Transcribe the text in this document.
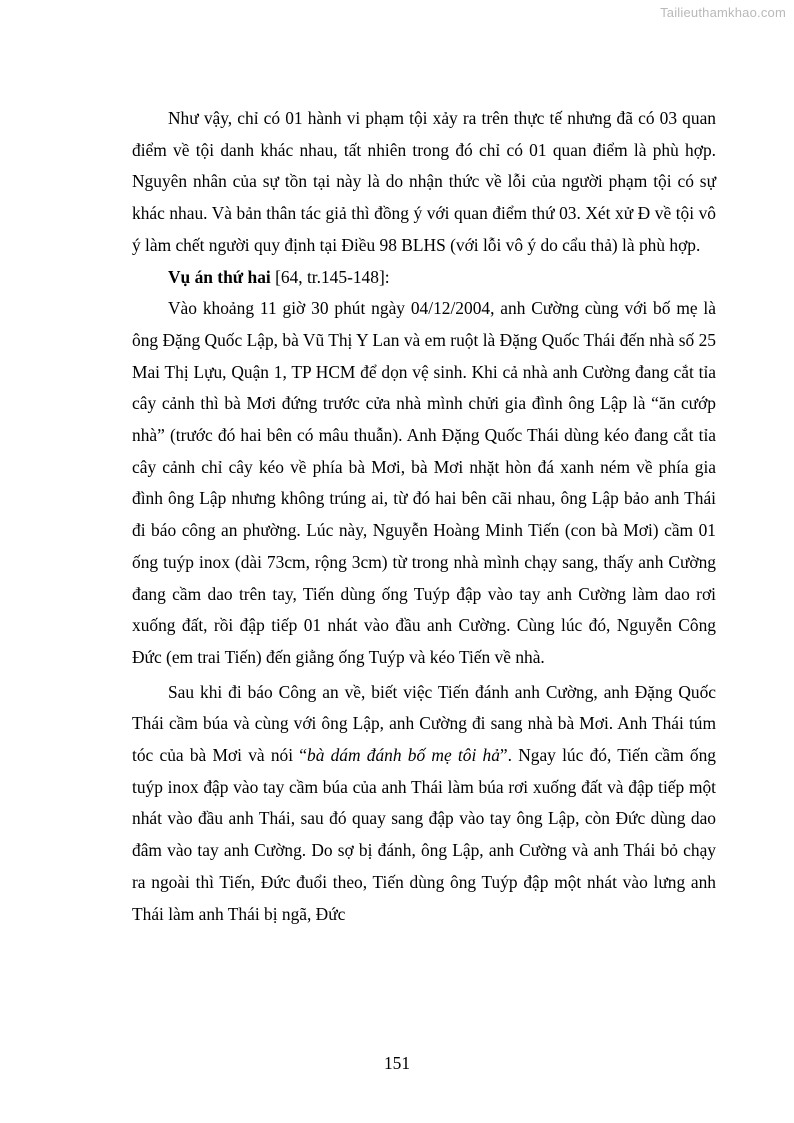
Tailieuthamkhao.com

Như vậy, chỉ có 01 hành vi phạm tội xảy ra trên thực tế nhưng đã có 03 quan điểm về tội danh khác nhau, tất nhiên trong đó chỉ có 01 quan điểm là phù hợp. Nguyên nhân của sự tồn tại này là do nhận thức về lỗi của người phạm tội có sự khác nhau. Và bản thân tác giả thì đồng ý với quan điểm thứ 03. Xét xử Đ về tội vô ý làm chết người quy định tại Điều 98 BLHS (với lỗi vô ý do cẩu thả) là phù hợp.

Vụ án thứ hai [64, tr.145-148]:

Vào khoảng 11 giờ 30 phút ngày 04/12/2004, anh Cường cùng với bố mẹ là ông Đặng Quốc Lập, bà Vũ Thị Y Lan và em ruột là Đặng Quốc Thái đến nhà số 25 Mai Thị Lựu, Quận 1, TP HCM để dọn vệ sinh. Khi cả nhà anh Cường đang cắt tỉa cây cảnh thì bà Mơi đứng trước cửa nhà mình chửi gia đình ông Lập là “ăn cướp nhà” (trước đó hai bên có mâu thuẫn). Anh Đặng Quốc Thái dùng kéo đang cắt tỉa cây cảnh chỉ cây kéo về phía bà Mơi, bà Mơi nhặt hòn đá xanh ném về phía gia đình ông Lập nhưng không trúng ai, từ đó hai bên cãi nhau, ông Lập bảo anh Thái đi báo công an phường. Lúc này, Nguyễn Hoàng Minh Tiến (con bà Mơi) cầm 01 ống tuýp inox (dài 73cm, rộng 3cm) từ trong nhà mình chạy sang, thấy anh Cường đang cầm dao trên tay, Tiến dùng ống Tuýp đập vào tay anh Cường làm dao rơi xuống đất, rồi đập tiếp 01 nhát vào đầu anh Cường. Cùng lúc đó, Nguyễn Công Đức (em trai Tiến) đến giằng ống Tuýp và kéo Tiến về nhà.

Sau khi đi báo Công an về, biết việc Tiến đánh anh Cường, anh Đặng Quốc Thái cầm búa và cùng với ông Lập, anh Cường đi sang nhà bà Mơi. Anh Thái túm tóc của bà Mơi và nói “bà dám đánh bố mẹ tôi hả”. Ngay lúc đó, Tiến cầm ống tuýp inox đập vào tay cầm búa của anh Thái làm búa rơi xuống đất và đập tiếp một nhát vào đầu anh Thái, sau đó quay sang đập vào tay ông Lập, còn Đức dùng dao đâm vào tay anh Cường. Do sợ bị đánh, ông Lập, anh Cường và anh Thái bỏ chạy ra ngoài thì Tiến, Đức đuổi theo, Tiến dùng ông Tuýp đập một nhát vào lưng anh Thái làm anh Thái bị ngã, Đức

151
